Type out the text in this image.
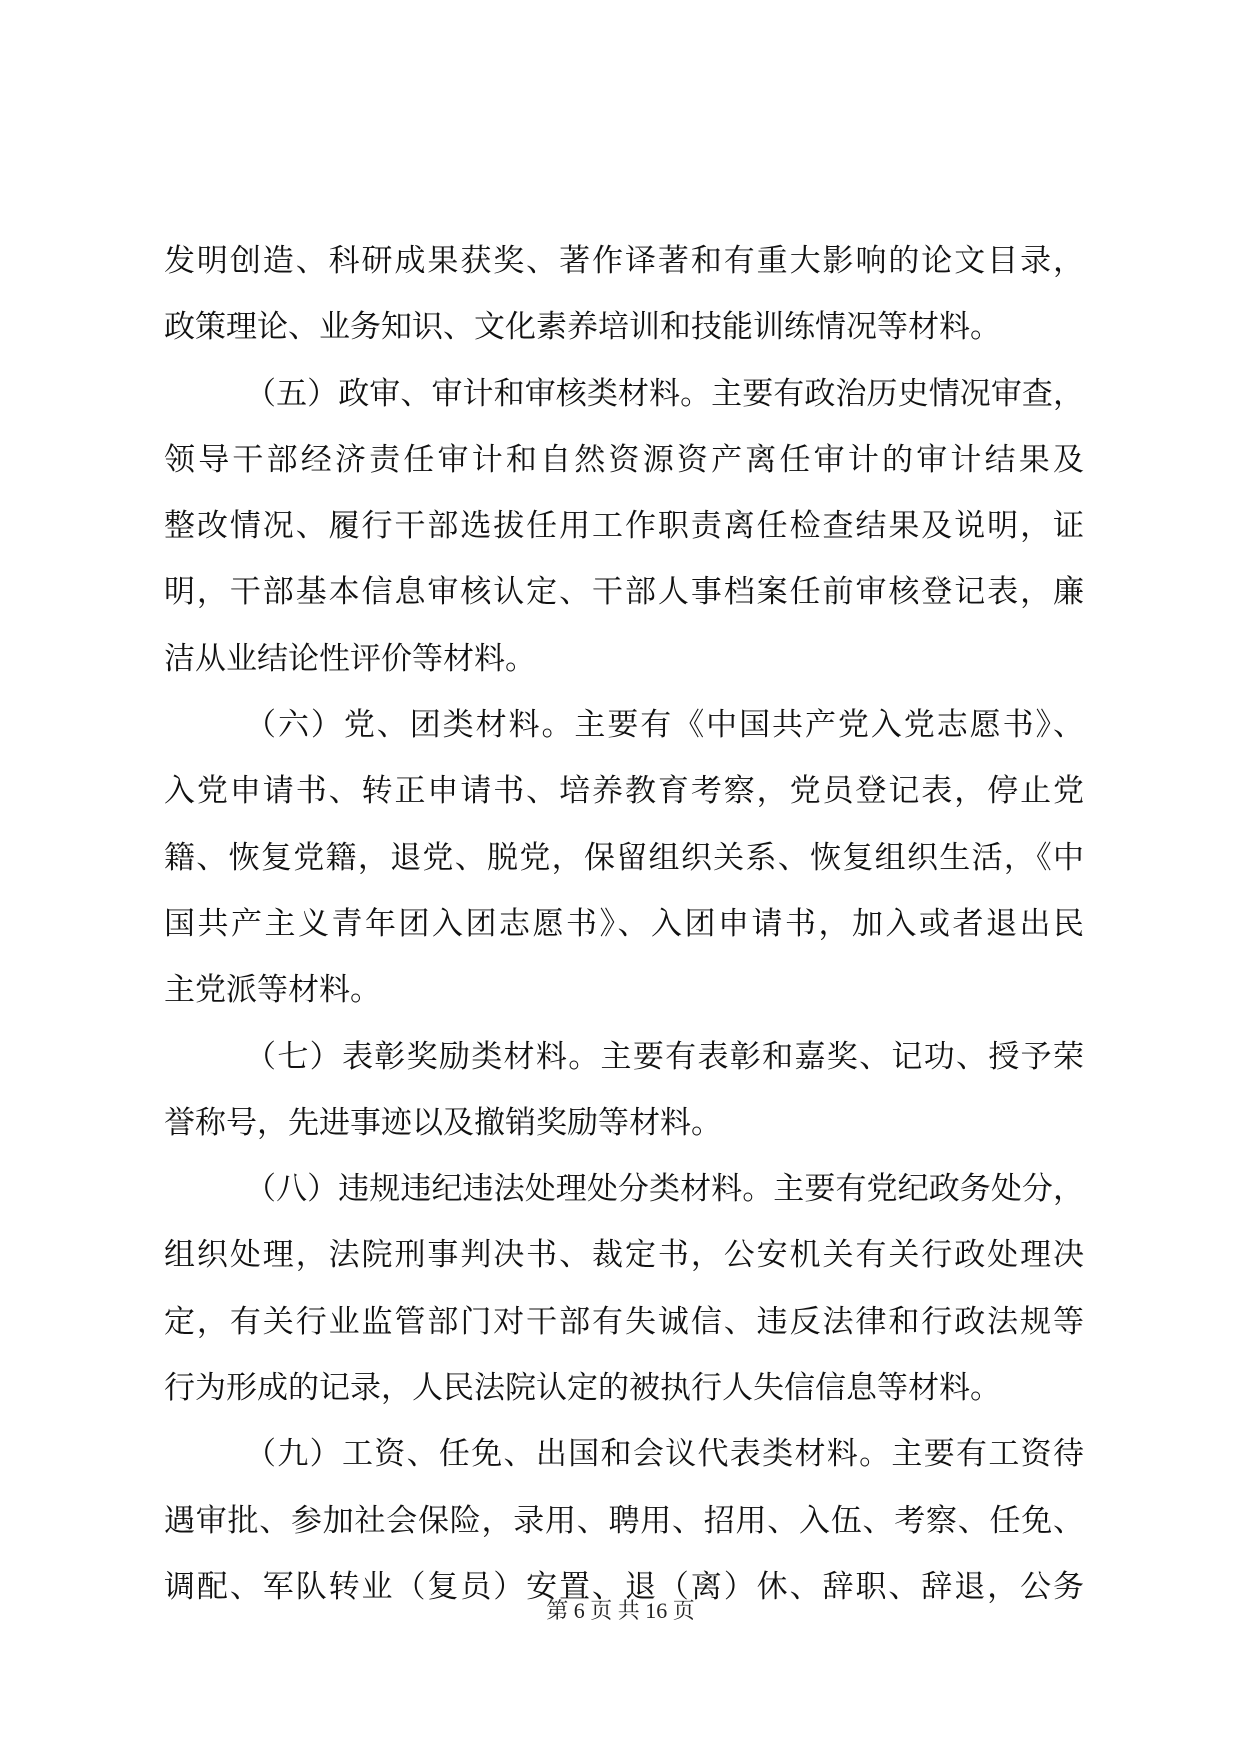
发明创造、科研成果获奖、著作译著和有重大影响的论文目录，
政策理论、业务知识、文化素养培训和技能训练情况等材料。
（五）政审、审计和审核类材料。主要有政治历史情况审查，
领导干部经济责任审计和自然资源资产离任审计的审计结果及
整改情况、履行干部选拔任用工作职责离任检查结果及说明，证
明，干部基本信息审核认定、干部人事档案任前审核登记表，廉
洁从业结论性评价等材料。
（六）党、团类材料。主要有《中国共产党入党志愿书》、
入党申请书、转正申请书、培养教育考察，党员登记表，停止党
籍、恢复党籍，退党、脱党，保留组织关系、恢复组织生活，《中
国共产主义青年团入团志愿书》、入团申请书，加入或者退出民
主党派等材料。
（七）表彰奖励类材料。主要有表彰和嘉奖、记功、授予荣
誉称号，先进事迹以及撤销奖励等材料。
（八）违规违纪违法处理处分类材料。主要有党纪政务处分，
组织处理，法院刑事判决书、裁定书，公安机关有关行政处理决
定，有关行业监管部门对干部有失诚信、违反法律和行政法规等
行为形成的记录，人民法院认定的被执行人失信信息等材料。
（九）工资、任免、出国和会议代表类材料。主要有工资待
遇审批、参加社会保险，录用、聘用、招用、入伍、考察、任免、
调配、军队转业（复员）安置、退（离）休、辞职、辞退，公务
第 6 页 共 16 页
